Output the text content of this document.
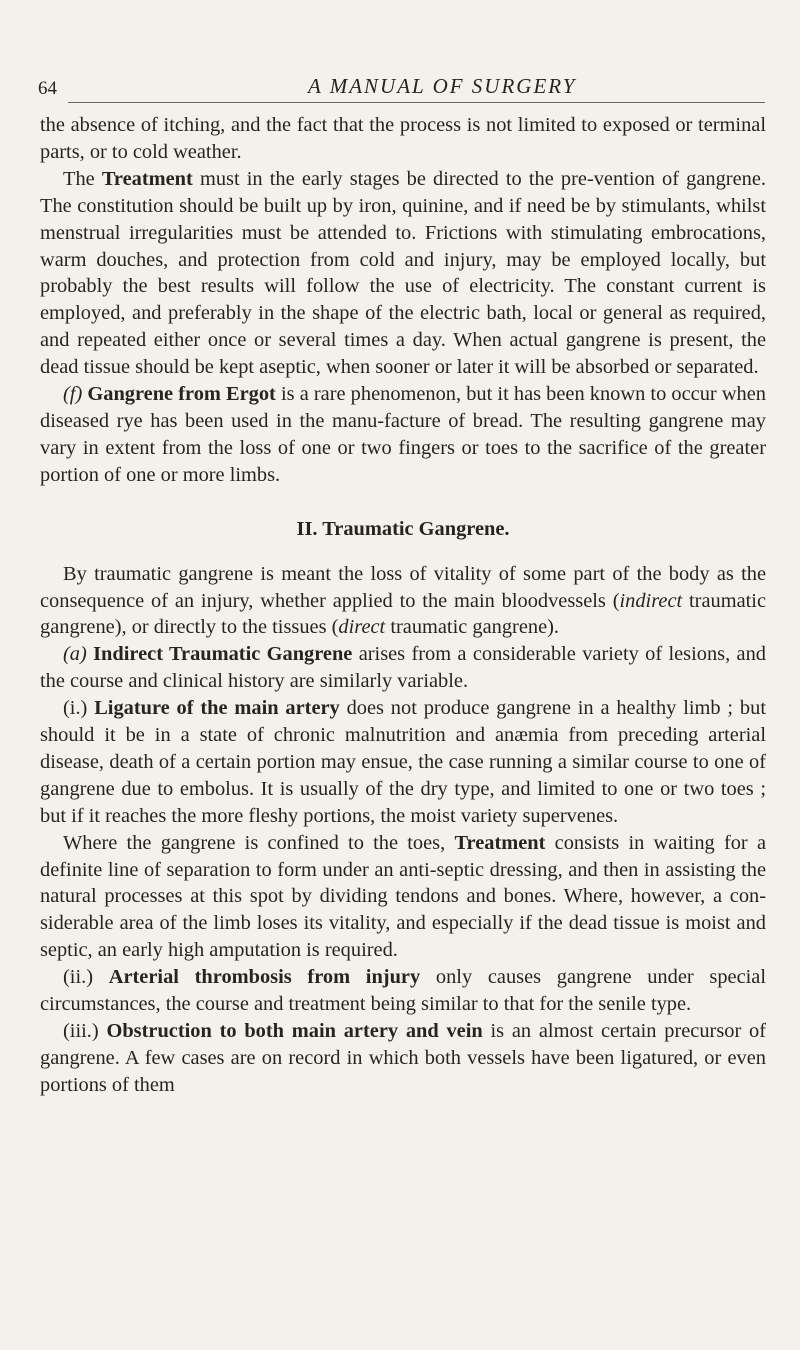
64	A MANUAL OF SURGERY

the absence of itching, and the fact that the process is not limited to exposed or terminal parts, or to cold weather.

The Treatment must in the early stages be directed to the pre-vention of gangrene. The constitution should be built up by iron, quinine, and if need be by stimulants, whilst menstrual irregularities must be attended to. Frictions with stimulating embrocations, warm douches, and protection from cold and injury, may be employed locally, but probably the best results will follow the use of electricity. The constant current is employed, and preferably in the shape of the electric bath, local or general as required, and repeated either once or several times a day. When actual gangrene is present, the dead tissue should be kept aseptic, when sooner or later it will be absorbed or separated.

(f) Gangrene from Ergot is a rare phenomenon, but it has been known to occur when diseased rye has been used in the manu-facture of bread. The resulting gangrene may vary in extent from the loss of one or two fingers or toes to the sacrifice of the greater portion of one or more limbs.

II. Traumatic Gangrene.

By traumatic gangrene is meant the loss of vitality of some part of the body as the consequence of an injury, whether applied to the main bloodvessels (indirect traumatic gangrene), or directly to the tissues (direct traumatic gangrene).

(a) Indirect Traumatic Gangrene arises from a considerable variety of lesions, and the course and clinical history are similarly variable.

(i.) Ligature of the main artery does not produce gangrene in a healthy limb ; but should it be in a state of chronic malnutrition and anæmia from preceding arterial disease, death of a certain portion may ensue, the case running a similar course to one of gangrene due to embolus. It is usually of the dry type, and limited to one or two toes ; but if it reaches the more fleshy portions, the moist variety supervenes.

Where the gangrene is confined to the toes, Treatment consists in waiting for a definite line of separation to form under an anti-septic dressing, and then in assisting the natural processes at this spot by dividing tendons and bones. Where, however, a con-siderable area of the limb loses its vitality, and especially if the dead tissue is moist and septic, an early high amputation is required.

(ii.) Arterial thrombosis from injury only causes gangrene under special circumstances, the course and treatment being similar to that for the senile type.

(iii.) Obstruction to both main artery and vein is an almost certain precursor of gangrene. A few cases are on record in which both vessels have been ligatured, or even portions of them
